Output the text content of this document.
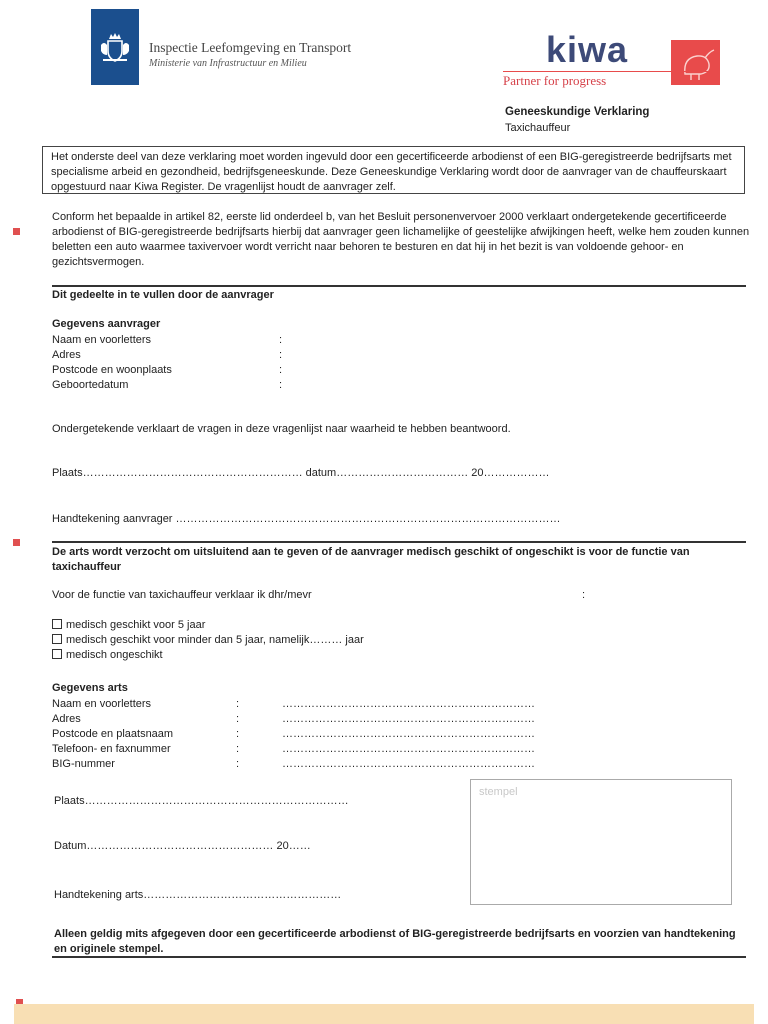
Inspectie Leefomgeving en Transport
Ministerie van Infrastructuur en Milieu	kiwa
Partner for progress
Geneeskundige Verklaring
Taxichauffeur
Het onderste deel van deze verklaring moet worden ingevuld door een gecertificeerde arbodienst of een BIG-geregistreerde bedrijfsarts met specialisme arbeid en gezondheid, bedrijfsgeneeskunde. Deze Geneeskundige Verklaring wordt door de aanvrager van de chauffeurskaart opgestuurd naar Kiwa Register. De vragenlijst houdt de aanvrager zelf.
Conform het bepaalde in artikel 82, eerste lid onderdeel b, van het Besluit personenvervoer 2000 verklaart ondergetekende gecertificeerde arbodienst of BIG-geregistreerde bedrijfsarts hierbij dat aanvrager geen lichamelijke of geestelijke afwijkingen heeft, welke hem zouden kunnen beletten een auto waarmee taxivervoer wordt verricht naar behoren te besturen en dat hij in het bezit is van voldoende gehoor- en gezichtsvermogen.
Dit gedeelte in te vullen door de aanvrager
Gegevens aanvrager
Naam en voorletters
Adres
Postcode en woonplaats
Geboortedatum
:
:
:
:
Ondergetekende verklaart de vragen in deze vragenlijst naar waarheid te hebben beantwoord.
Plaats…………………………………………………… datum……………………………… 20………………
Handtekening aanvrager ……………………………………………………………………………………………
De arts wordt verzocht om uitsluitend aan te geven of de aanvrager medisch geschikt of ongeschikt is voor de functie van taxichauffeur
Voor de functie van taxichauffeur verklaar ik dhr/mevr	:
medisch geschikt voor 5 jaar
medisch geschikt voor minder dan 5 jaar, namelijk……… jaar
medisch ongeschikt
Gegevens arts
Naam en voorletters
Adres
Postcode en plaatsnaam
Telefoon- en faxnummer
BIG-nummer
:
:
:
:
:
……………………………………………………………
……………………………………………………………
……………………………………………………………
……………………………………………………………
……………………………………………………………
Plaats………………………………………………………………
Datum…………………………………………… 20……
Handtekening arts………………………………………………
stempel
Alleen geldig mits afgegeven door een gecertificeerde arbodienst of BIG-geregistreerde bedrijfsarts en voorzien van handtekening en originele stempel.
